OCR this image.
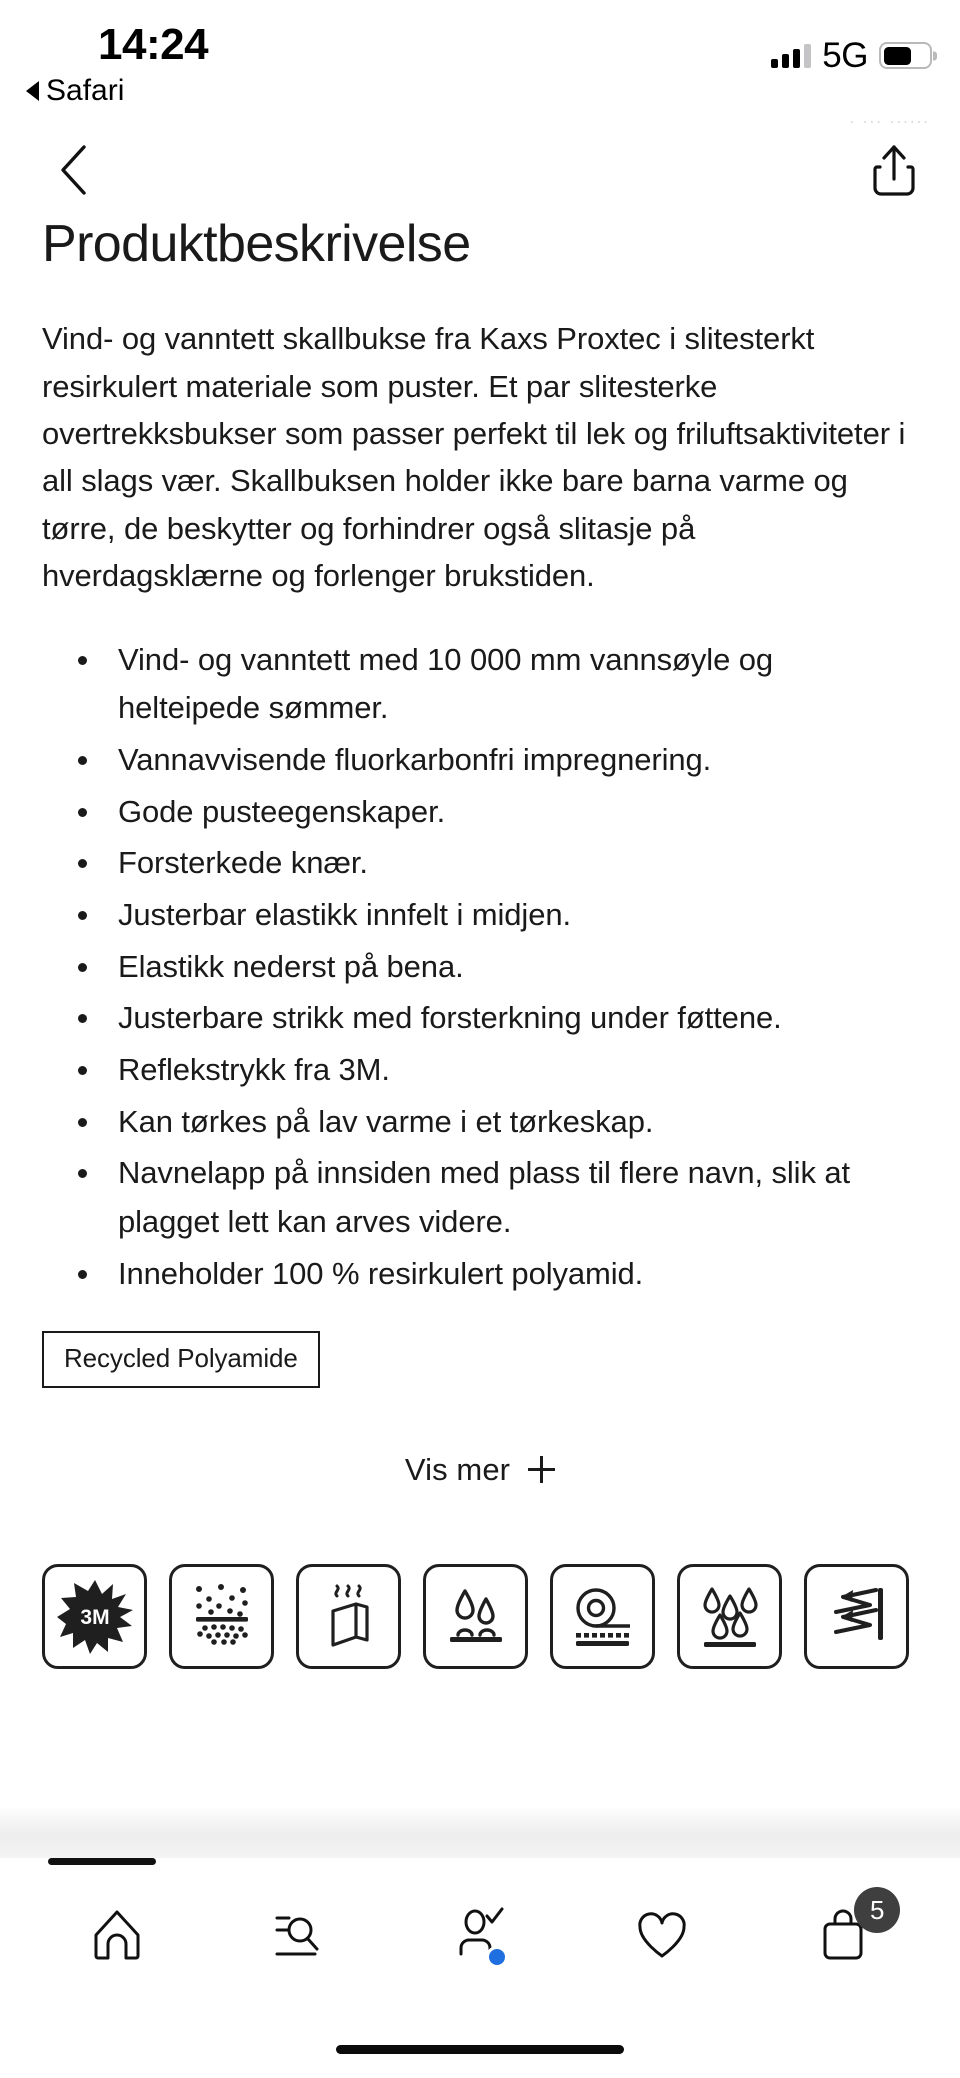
14:24
Safari
5G
. ... ......
Produktbeskrivelse

Vind- og vanntett skallbukse fra Kaxs Proxtec i slitesterkt resirkulert materiale som puster. Et par slitesterke overtrekksbukser som passer perfekt til lek og friluftsaktiviteter i all slags vær. Skallbuksen holder ikke bare barna varme og tørre, de beskytter og forhindrer også slitasje på hverdagsklærne og forlenger brukstiden.

Vind- og vanntett med 10 000 mm vannsøyle og helteipede sømmer.
Vannavvisende fluorkarbonfri impregnering.
Gode pusteegenskaper.
Forsterkede knær.
Justerbar elastikk innfelt i midjen.
Elastikk nederst på bena.
Justerbare strikk med forsterkning under føttene.
Reflekstrykk fra 3M.
Kan tørkes på lav varme i et tørkeskap.
Navnelapp på innsiden med plass til flere navn, slik at plagget lett kan arves videre.
Inneholder 100 % resirkulert polyamid.
Recycled Polyamide
Vis mer
3M
5
